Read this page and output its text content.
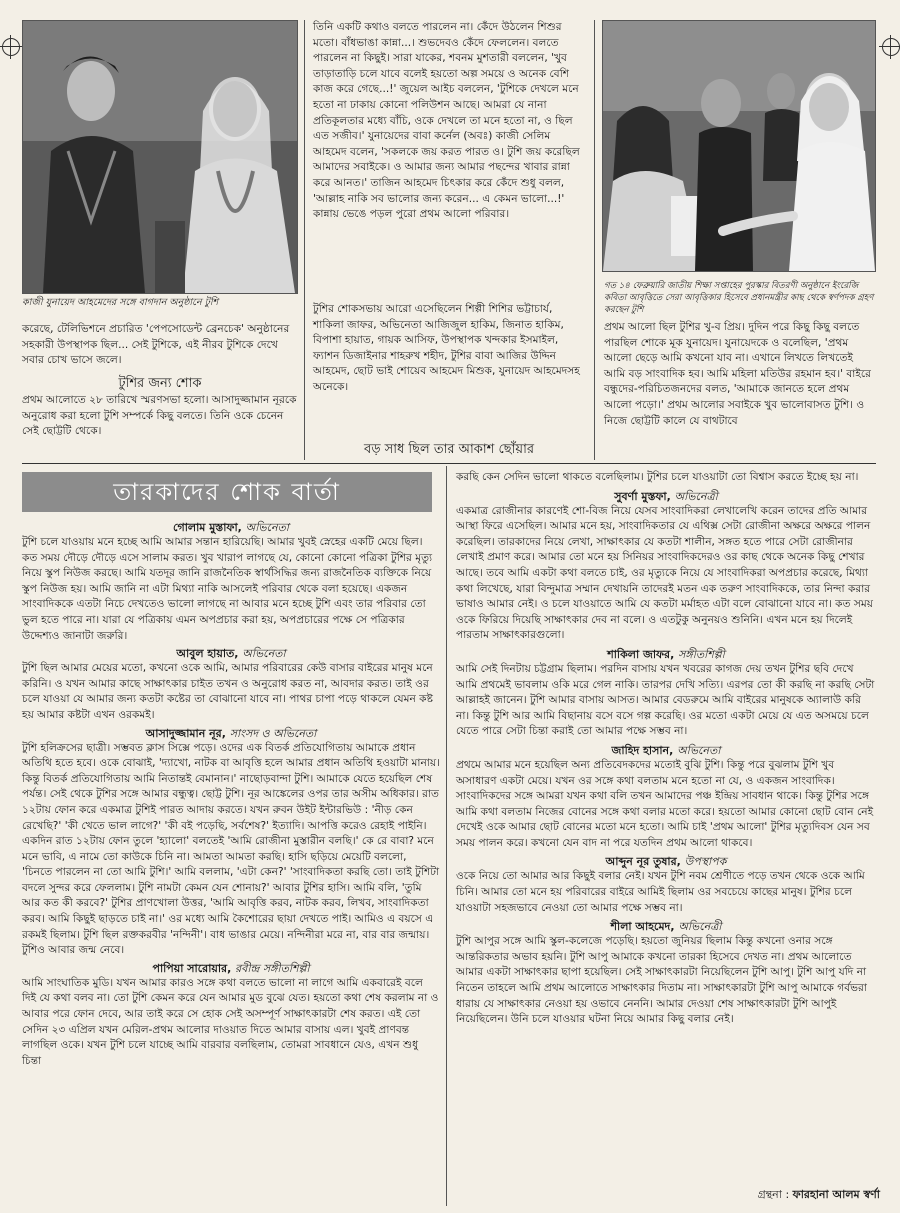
কাজী যুনায়েদ আহমেদের সঙ্গে বাগদান অনুষ্ঠানে টুশি
গত ১৪ ফেব্রুয়ারি জাতীয় শিক্ষা সপ্তাহের পুরস্কার বিতরণী অনুষ্ঠানে ইংরেজি কবিতা আবৃত্তিতে সেরা আবৃত্তিকার হিসেবে প্রধানমন্ত্রীর কাছ থেকে স্বর্ণপদক গ্রহণ করছেন টুশি

তিনি একটি কথাও বলতে পারলেন না। কেঁদে উঠলেন শিশুর মতো। বাঁধভাঙা কান্না...। শুভদেবও কেঁদে ফেললেন। বলতে পারলেন না কিছুই। সারা যাকের, শবনম মুশতারী বললেন, 'খুব তাড়াতাড়ি চলে যাবে বলেই হয়তো অল্প সময়ে ও অনেক বেশি কাজ করে গেছে...!' জুয়েল আইচ বললেন, 'টুশিকে দেখলে মনে হতো না ঢাকায় কোনো পলিউশন আছে। আমরা যে নানা প্রতিকূলতার মধ্যে বাঁচি, ওকে দেখলে তা মনে হতো না, ও ছিল এত সজীব।' যুনায়েদের বাবা কর্নেল (অবঃ) কাজী সেলিম আহমেদ বলেন, 'সকলকে জয় করত পারত ও। টুশি জয় করেছিল আমাদের সবাইকে। ও আমার জন্য আমার পছন্দের খাবার রান্না করে আনত।' তাজিন আহমেদ চিৎকার করে কেঁদে শুধু বলল, 'আল্লাহ নাকি সব ভালোর জন্য করেন... এ কেমন ভালো...!' কান্নায় ভেঙে পড়ল পুরো প্রথম আলো পরিবার।

টুশির শোকসভায় আরো এসেছিলেন শিল্পী শিশির ভট্টাচার্য, শাকিলা জাফর, অভিনেতা আজিজুল হাকিম, জিনাত হাকিম, বিপাশা হায়াত, গায়ক আসিফ, উপস্থাপক খন্দকার ইসমাইল, ফ্যাশন ডিজাইনার শাহরুখ শহীদ, টুশির বাবা আজির উদ্দিন আহমেদ, ছোট ভাই শোয়েব আহমেদ মিশুক, যুনায়েদ আহমেদসহ অনেকে।

বড় সাধ ছিল তার আকাশ ছোঁয়ার

করেছে, টেলিভিশনে প্রচারিত 'পেপসোডেন্ট ব্রেনচেক' অনুষ্ঠানের সহকারী উপস্থাপক ছিল... সেই টুশিকে, এই নীরব টুশিকে দেখে সবার চোখ ভাসে জলে।

টুশির জন্য শোক

প্রথম আলোতে ২৮ তারিখে স্মরণসভা হলো। আসাদুজ্জামান নূরকে অনুরোধ করা হলো টুশি সম্পর্কে কিছু বলতে। তিনি ওকে চেনেন সেই ছোট্টটি থেকে।

প্রথম আলো ছিল টুশির খু-ব প্রিয়। দুদিন পরে কিছু কিছু বলতে পারছিল শোকে মূক যুনায়েদ। যুনায়েদকে ও বলেছিল, 'প্রথম আলো ছেড়ে আমি কখনো যাব না। এখানে লিখতে লিখতেই আমি বড় সাংবাদিক হব। আমি মহিলা মতিউর রহমান হব।' বাইরে বন্ধুদের-পরিচিতজনদের বলত, 'আমাকে জানতে হলে প্রথম আলো পড়ো।' প্রথম আলোর সবাইকে খুব ভালোবাসত টুশি। ও নিজে ছোট্টটি কালে যে বাথটাবে

তারকাদের শোক বার্তা

গোলাম মুস্তাফা, অভিনেতা

টুশি চলে যাওয়ায় মনে হচ্ছে আমি আমার সন্তান হারিয়েছি। আমার খুবই স্নেহের একটি মেয়ে ছিল। কত সময় দৌড়ে দৌড়ে এসে সালাম করত। খুব খারাপ লাগছে যে, কোনো কোনো পত্রিকা টুশির মৃত্যু নিয়ে স্কুপ নিউজ করছে। আমি যতদূর জানি রাজনৈতিক স্বার্থসিদ্ধির জন্য রাজনৈতিক ব্যক্তিকে নিয়ে স্কুপ নিউজ হয়। আমি জানি না এটা মিথ্যা নাকি আসলেই পরিবার থেকে বলা হয়েছে। একজন সাংবাদিককে এতটা নিচে দেখতেও ভালো লাগছে না আবার মনে হচ্ছে টুশি এবং তার পরিবার তো ভুল হতে পারে না। যারা যে পত্রিকায় এমন অপপ্রচার করা হয়, অপপ্রচারের পক্ষে সে পত্রিকার উদ্দেশ্যও জানাটা জরুরি।

আবুল হায়াত, অভিনেতা

টুশি ছিল আমার মেয়ের মতো, কখনো ওকে আমি, আমার পরিবারের কেউ বাসার বাইরের মানুষ মনে করিনি। ও যখন আমার কাছে সাক্ষাৎকার চাইত তখন ও অনুরোধ করত না, আবদার করত। তাই ওর চলে যাওয়া যে আমার জন্য কতটা কষ্টের তা বোঝানো যাবে না। পাথর চাপা পড়ে থাকলে যেমন কষ্ট হয় আমার কষ্টটা এখন ওরকমই।

আসাদুজ্জামান নূর, সাংসদ ও অভিনেতা

টুশি হলিক্রসের ছাত্রী। সম্ভবত ক্লাস সিক্সে পড়ে। ওদের এক বিতর্ক প্রতিযোগিতায় আমাকে প্রধান অতিথি হতে হবে। ওকে বোঝাই, 'দ্যাখো, নাটক বা আবৃত্তি হলে আমার প্রধান অতিথি হওয়াটা মানায়। কিন্তু বিতর্ক প্রতিযোগিতায় আমি নিতান্তই বেমানান।' নাছোড়বান্দা টুশি। আমাকে যেতে হয়েছিল শেষ পর্যন্ত। সেই থেকে টুশির সঙ্গে আমার বন্ধুত্ব। ছোট্ট টুশি। নূর আঙ্কেলের ওপর তার অসীম অধিকার। রাত ১২টায় ফোন করে একমাত্র টুশিই পারত আদায় করতে। যখন রুবন উইট ইন্টারভিউ : 'নীড় কেন রেখেছি?' 'কী খেতে ভাল লাগে?' 'কী বই পড়েছি, সর্বশেষ?' ইত্যাদি। আপত্তি করেও রেহাই পাইনি। একদিন রাত ১২টায় ফোন তুলে 'হ্যালো' বলতেই 'আমি রোজীনা মুস্তারীন বলছি।' কে রে বাবা? মনে মনে ভাবি, এ নামে তো কাউকে চিনি না। আমতা আমতা করছি। হাসি ছড়িয়ে মেয়েটি বললো, 'চিনতে পারলেন না তো আমি টুশি।' আমি বললাম, 'এটা কেন?' 'সাংবাদিকতা করছি তো। তাই টুশিটা বদলে সুন্দর করে ফেললাম। টুশি নামটা কেমন যেন শোনায়?' আবার টুশির হাসি। আমি বলি, 'তুমি আর কত কী করবে?' টুশির প্রাণখোলা উত্তর, 'আমি আবৃত্তি করব, নাটক করব, লিখব, সাংবাদিকতা করব। আমি কিছুই ছাড়তে চাই না।' ওর মধ্যে আমি কৈশোরের ছায়া দেখতে পাই। আমিও এ বয়সে এ রকমই ছিলাম। টুশি ছিল রক্তকরবীর 'নন্দিনী'। বাধ ভাঙার মেয়ে। নন্দিনীরা মরে না, বার বার জন্মায়। টুশিও আবার জন্ম নেবে।

পাপিয়া সারোয়ার, রবীন্দ্র সঙ্গীতশিল্পী

আমি সাংঘাতিক মুডি। যখন আমার কারও সঙ্গে কথা বলতে ভালো না লাগে আমি একবারেই বলে দিই যে কথা বলব না। তো টুশি কেমন করে যেন আমার মুড বুঝে যেত। হয়তো কথা শেষ করলাম না ও আবার পরে ফোন দেবে, আর তাই করে সে হোক সেই অসম্পূর্ণ সাক্ষাৎকারটা শেষ করত। এই তো সেদিন ২৩ এপ্রিল যখন মেরিল-প্রথম আলোর দাওয়াত দিতে আমার বাসায় এল। খুবই প্রাণবন্ত লাগছিল ওকে। যখন টুশি চলে যাচ্ছে আমি বারবার বলছিলাম, তোমরা সাবধানে যেও, এখন শুধু চিন্তা

করছি কেন সেদিন ভালো থাকতে বলেছিলাম। টুশির চলে যাওয়াটা তো বিশ্বাস করতে ইচ্ছে হয় না।

সুবর্ণা মুস্তফা, অভিনেত্রী

একমাত্র রোজীনার কারণেই শো-বিজ নিয়ে যেসব সাংবাদিকরা লেখালেখি করেন তাদের প্রতি আমার আস্থা ফিরে এসেছিল। আমার মনে হয়, সাংবাদিকতার যে এথিক্স সেটা রোজীনা অক্ষরে অক্ষরে পালন করেছিল। তারকাদের নিয়ে লেখা, সাক্ষাৎকার যে কতটা শালীন, সঙ্গত হতে পারে সেটা রোজীনার লেখাই প্রমাণ করে। আমার তো মনে হয় সিনিয়র সাংবাদিকদেরও ওর কাছ থেকে অনেক কিছু শেখার আছে। তবে আমি একটা কথা বলতে চাই, ওর মৃত্যুকে নিয়ে যে সাংবাদিকরা অপপ্রচার করেছে, মিথ্যা কথা লিখেছে, যারা বিন্দুমাত্র সম্মান দেখায়নি তাদেরই মতন এক তরুণ সাংবাদিককে, তার নিন্দা করার ভাষাও আমার নেই। ও চলে যাওয়াতে আমি যে কতটা মর্মাহত এটা বলে বোঝানো যাবে না। কত সময় ওকে ফিরিয়ে দিয়েছি সাক্ষাৎকার দেব না বলে। ও এতটুকু অনুনয়ও শুনিনি। এখন মনে হয় দিলেই পারতাম সাক্ষাৎকারগুলো।

শাকিলা জাফর, সঙ্গীতশিল্পী

আমি সেই দিনটায় চট্টগ্রাম ছিলাম। পরদিন বাসায় যখন খবরের কাগজ দেয় তখন টুশির ছবি দেখে আমি প্রথমেই ভাবলাম ওকি মরে গেল নাকি। তারপর দেখি সত্যি। এরপর তো কী করছি না করছি সেটা আল্লাহই জানেন। টুশি আমার বাসায় আসত। আমার বেডরুমে আমি বাইরের মানুষকে অ্যালাউ করি না। কিন্তু টুশি আর আমি বিছানায় বসে বসে গল্প করেছি। ওর মতো একটা মেয়ে যে এত অসময়ে চলে যেতে পারে সেটা চিন্তা করাই তো আমার পক্ষে সম্ভব না।

জাহিদ হাসান, অভিনেতা

প্রথমে আমার মনে হয়েছিল অন্য প্রতিবেদকদের মতোই বুঝি টুশি। কিন্তু পরে বুঝলাম টুশি খুব অসাধারণ একটা মেয়ে। যখন ওর সঙ্গে কথা বলতাম মনে হতো না যে, ও একজন সাংবাদিক। সাংবাদিকদের সঙ্গে আমরা যখন কথা বলি তখন আমাদের পঞ্চ ইন্দ্রিয় সাবধান থাকে। কিন্তু টুশির সঙ্গে আমি কথা বলতাম নিজের বোনের সঙ্গে কথা বলার মতো করে। হয়তো আমার কোনো ছোট বোন নেই দেখেই ওকে আমার ছোট বোনের মতো মনে হতো। আমি চাই 'প্রথম আলো' টুশির মৃত্যুদিবস যেন সব সময় পালন করে। কখনো যেন বাদ না পরে যতদিন প্রথম আলো থাকবে।

আব্দুন নূর তুষার, উপস্থাপক

ওকে নিয়ে তো আমার আর কিছুই বলার নেই। যখন টুশি নবম শ্রেণীতে পড়ে তখন থেকে ওকে আমি চিনি। আমার তো মনে হয় পরিবারের বাইরে আমিই ছিলাম ওর সবচেয়ে কাছের মানুষ। টুশির চলে যাওয়াটা সহজভাবে নেওয়া তো আমার পক্ষে সম্ভব না।

শীলা আহমেদ, অভিনেত্রী

টুশি আপুর সঙ্গে আমি স্কুল-কলেজে পড়েছি। হয়তো জুনিয়র ছিলাম কিন্তু কখনো ওনার সঙ্গে আন্তরিকতার অভাব হয়নি। টুশি আপু আমাকে কখনো তারকা হিসেবে দেখত না। প্রথম আলোতে আমার একটা সাক্ষাৎকার ছাপা হয়েছিল। সেই সাক্ষাৎকারটা নিয়েছিলেন টুশি আপু। টুশি আপু যদি না নিতেন তাহলে আমি প্রথম আলোতে সাক্ষাৎকার দিতাম না। সাক্ষাৎকারটা টুশি আপু আমাকে গর্বভরা ধারায় যে সাক্ষাৎকার নেওয়া হয় ওভাবে নেননি। আমার দেওয়া শেষ সাক্ষাৎকারটা টুশি আপুই নিয়েছিলেন। উনি চলে যাওয়ার ঘটনা নিয়ে আমার কিছু বলার নেই।

গ্রন্থনা : ফারহানা আলম স্বর্ণা
